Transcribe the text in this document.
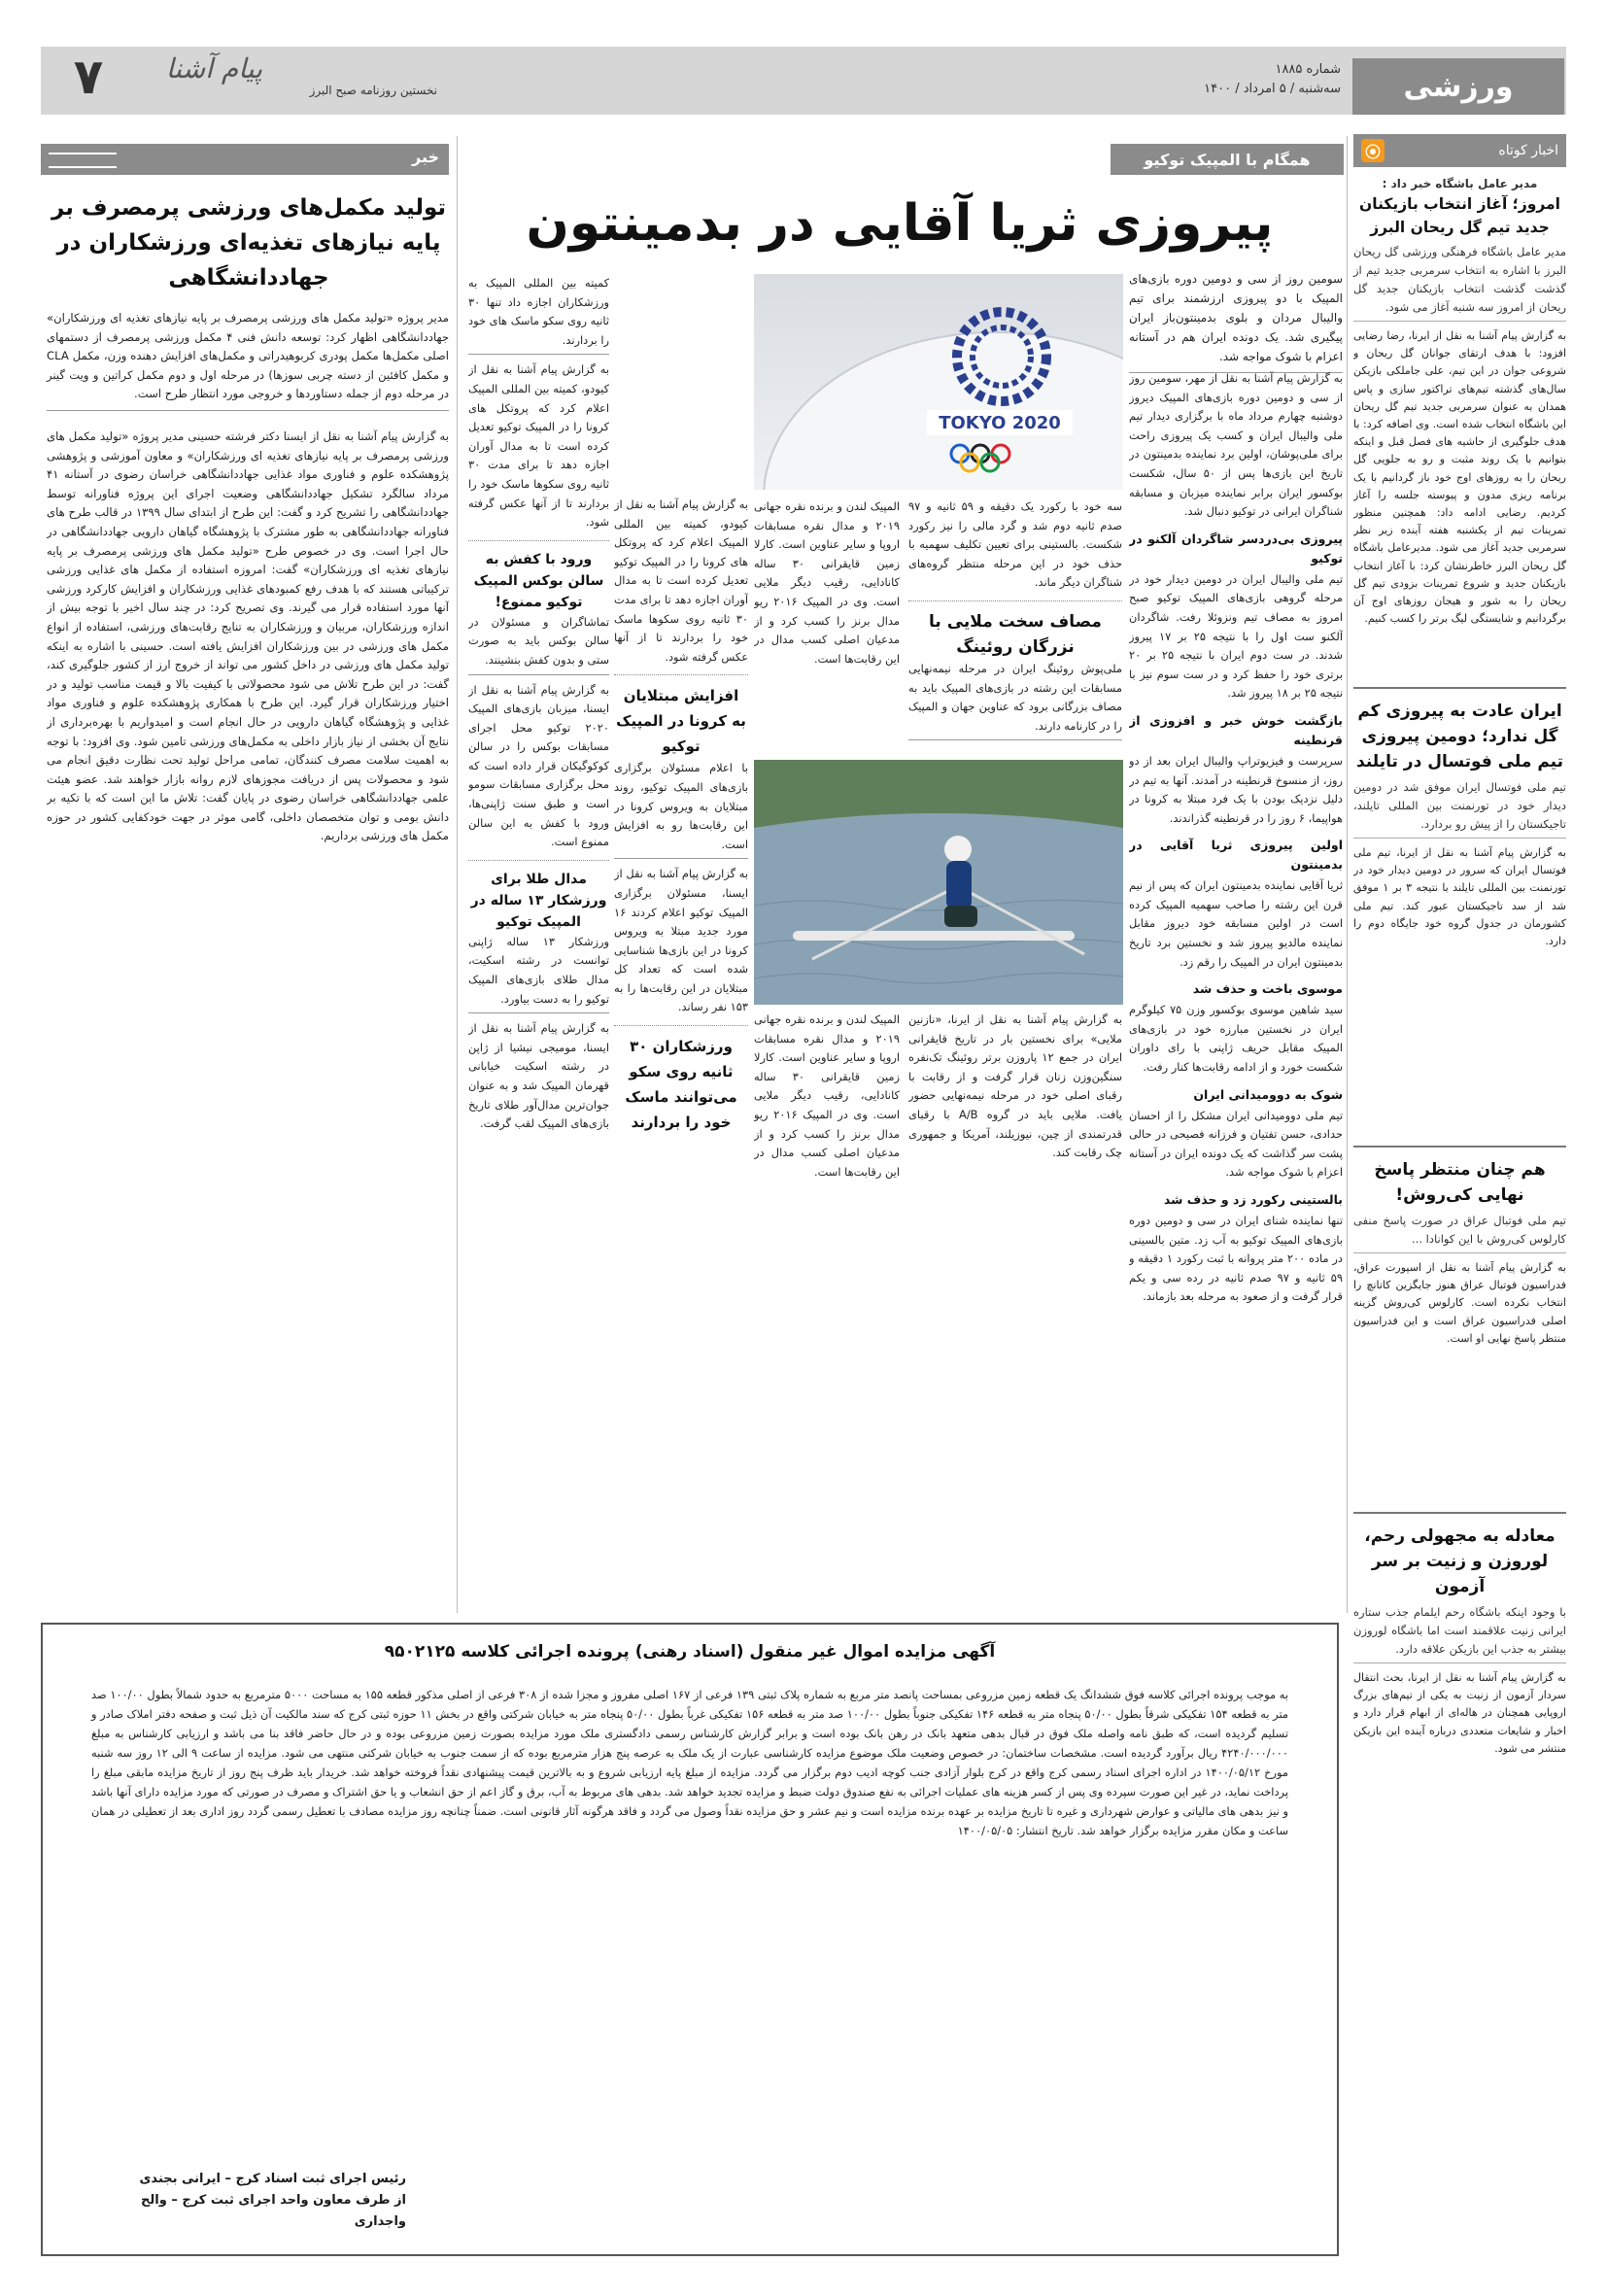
ورزشی
شماره ۱۸۸۵
سه‌شنبه / ۵ امرداد / ۱۴۰۰
۷	پیام آشنا
نخستین روزنامه صبح البرز
اخبار کوتاه
⦿
مدیر عامل باشگاه خبر داد :
امروز؛ آغاز انتخاب بازیکنان جدید تیم گل ریحان البرز
مدیر عامل باشگاه فرهنگی ورزشی گل ریحان البرز با اشاره به انتخاب سرمربی جدید تیم از گذشت گذشت انتخاب بازیکنان جدید گل ریحان از امروز سه شنبه آغاز می شود.
به گزارش پیام آشنا به نقل از ایرنا، رضا رضایی افزود: با هدف ارتقای جوانان گل ریحان و شروعی جوان در این تیم، علی جاملکی بازیکن سال‌های گذشته تیم‌های تراکتور سازی و پاس همدان به عنوان سرمربی جدید تیم گل ریحان این باشگاه انتخاب شده است. وی اضافه کرد: با هدف جلوگیری از حاشیه های فصل قبل و اینکه بتوانیم با یک روند مثبت و رو به جلویی گل ریحان را به روزهای اوج خود باز گردانیم با یک برنامه ریزی مدون و پیوسته جلسه را آغاز کردیم. رضایی ادامه داد: همچنین منظور تمرینات تیم از یکشنبه هفته آینده زیر نظر سرمربی جدید آغاز می شود. مدیرعامل باشگاه گل ریحان البرز خاطرنشان کرد: با آغاز انتخاب بازیکنان جدید و شروع تمرینات بزودی تیم گل ریحان را به شور و هیجان روزهای اوج آن برگردانیم و شایستگی لیگ برتر را کسب کنیم.
ایران عادت به پیروزی کم گل ندارد؛ دومین پیروزی تیم ملی فوتسال در تایلند
تیم ملی فوتسال ایران موفق شد در دومین دیدار خود در تورنمنت بین المللی تایلند، تاجیکستان را از پیش رو بردارد.
به گزارش پیام آشنا به نقل از ایرنا، تیم ملی فوتسال ایران که سرور در دومین دیدار خود در تورنمنت بین المللی تایلند با نتیجه ۳ بر ۱ موفق شد از سد تاجیکستان عبور کند. تیم ملی کشورمان در جدول گروه خود جایگاه دوم را دارد.
هم چنان منتظر پاسخ نهایی کی‌روش!
تیم ملی فوتبال عراق در صورت پاسخ منفی کارلوس کی‌روش با این کوانادا ...
به گزارش پیام آشنا به نقل از اسپورت عراق، فدراسیون فوتبال عراق هنوز جایگزین کاتانچ را انتخاب نکرده است. کارلوس کی‌روش گزینه اصلی فدراسیون عراق است و این فدراسیون منتظر پاسخ نهایی او است.
معادله به مجهولی رحم، لوروزن و زنیت بر سر آزمون
با وجود اینکه باشگاه رحم ایلمام جذب ستاره ایرانی زنیت علاقمند است اما باشگاه لوروزن بیشتر به جذب این بازیکن علاقه دارد.
به گزارش پیام آشنا به نقل از ایرنا، بحث انتقال سردار آزمون از زنیت به یکی از تیم‌های بزرگ اروپایی همچنان در هاله‌ای از ابهام قرار دارد و اخبار و شایعات متعددی درباره آینده این بازیکن منتشر می شود.
همگام با المپیک توکیو
پیروزی ثریا آقایی در بدمینتون
سومین روز از سی و دومین دوره بازی‌های المپیک با دو پیروزی ارزشمند برای تیم والیبال مردان و بلوی بدمینتون‌باز ایران پیگیری شد. یک دونده ایران هم در آستانه اعزام با شوک مواجه شد.
TOKYO 2020

به گزارش پیام آشنا به نقل از مهر، سومین روز از سی و دومین دوره بازی‌های المپیک دیروز دوشنبه چهارم مرداد ماه با برگزاری دیدار تیم ملی والیبال ایران و کسب یک پیروزی راحت برای ملی‌پوشان، اولین برد نماینده بدمینتون در تاریخ این بازی‌ها پس از ۵۰ سال، شکست بوکسور ایران برابر نماینده میزبان و مسابقه شناگران ایرانی در توکیو دنبال شد.

پیروزی بی‌دردسر شاگردان آلکنو در توکیو

تیم ملی والیبال ایران در دومین دیدار خود در مرحله گروهی بازی‌های المپیک توکیو صبح امروز به مصاف تیم ونزوئلا رفت. شاگردان آلکنو ست اول را با نتیجه ۲۵ بر ۱۷ پیروز شدند. در ست دوم ایران با نتیجه ۲۵ بر ۲۰ برتری خود را حفظ کرد و در ست سوم نیز با نتیجه ۲۵ بر ۱۸ پیروز شد.

بازگشت خوش خبر و افزوزی از قرنطینه

سرپرست و فیزیوتراپ والیبال ایران بعد از دو روز، از منسوخ قرنطینه در آمدند. آنها به تیم در دلیل نزدیک بودن با یک فرد مبتلا به کرونا در هواپیما، ۶ روز را در قرنطینه گذراندند.

اولین پیروزی ثریا آقایی در بدمینتون

ثریا آقایی نماینده بدمینتون ایران که پس از نیم قرن این رشته را صاحب سهمیه المپیک کرده است در اولین مسابقه خود دیروز مقابل نماینده مالدیو پیروز شد و نخستین برد تاریخ بدمینتون ایران در المپیک را رقم زد.

موسوی باخت و حذف شد

سید شاهین موسوی بوکسور وزن ۷۵ کیلوگرم ایران در نخستین مبارزه خود در بازی‌های المپیک مقابل حریف ژاپنی با رای داوران شکست خورد و از ادامه رقابت‌ها کنار رفت.

شوک به دوومیدانی ایران

تیم ملی دوومیدانی ایران مشکل را از احسان حدادی، حسن تفتیان و فرزانه فصیحی در حالی پشت سر گذاشت که یک دونده ایران در آستانه اعزام با شوک مواجه شد.

بالستینی رکورد زد و حذف شد

تنها نماینده شنای ایران در سی و دومین دوره بازی‌های المپیک توکیو به آب زد. متین بالسینی در ماده ۲۰۰ متر پروانه با ثبت رکورد ۱ دقیقه و ۵۹ ثانیه و ۹۷ صدم ثانیه در رده سی و یکم قرار گرفت و از صعود به مرحله بعد بازماند.

سه خود با رکورد یک دقیقه و ۵۹ ثانیه و ۹۷ صدم ثانیه دوم شد و گرد مالی را نیز رکورد شکست. بالستینی برای تعیین تکلیف سهمیه با حذف خود در این مرحله منتظر گروه‌های شناگران دیگر ماند.
مصاف سخت ملایی با نزرگان روئینگ
ملی‌پوش روئینگ ایران در مرحله نیمه‌نهایی مسابقات این رشته در بازی‌های المپیک باید به مصاف بزرگانی برود که عناوین جهان و المپیک را در کارنامه دارند.

به گزارش پیام آشنا به نقل از ایرنا، «نازنین ملایی» برای نخستین بار در تاریخ قایقرانی ایران در جمع ۱۲ پاروزن برتر روئینگ تک‌نفره سنگین‌وزن زنان قرار گرفت و از رقابت با رقبای اصلی خود در مرحله نیمه‌نهایی حضور یافت. ملایی باید در گروه A/B با رقبای قدرتمندی از چین، نیوزیلند، آمریکا و جمهوری چک رقابت کند.

المپیک لندن و برنده نقره جهانی ۲۰۱۹ و مدال نقره مسابقات اروپا و سایر عناوین است. کارلا زمین قایقرانی ۳۰ ساله کانادایی، رقیب دیگر ملایی است. وی در المپیک ۲۰۱۶ ریو مدال برنز را کسب کرد و از مدعیان اصلی کسب مدال در این رقابت‌ها است.

المپیک لندن و برنده نقره جهانی ۲۰۱۹ و مدال نقره مسابقات اروپا و سایر عناوین است. کارلا زمین قایقرانی ۳۰ ساله کانادایی، رقیب دیگر ملایی است. وی در المپیک ۲۰۱۶ ریو مدال برنز را کسب کرد و از مدعیان اصلی کسب مدال در این رقابت‌ها است.
به گزارش پیام آشنا به نقل از کیودو، کمیته بین المللی المپیک اعلام کرد که پروتکل های کرونا را در المپیک توکیو تعدیل کرده است تا به مدال آوران اجازه دهد تا برای مدت ۳۰ ثانیه روی سکوها ماسک خود را بردارند تا از آنها عکس گرفته شود.
افزایش مبتلایان به کرونا در المپیک توکیو
با اعلام مسئولان برگزاری بازی‌های المپیک توکیو، روند مبتلایان به ویروس کرونا در این رقابت‌ها رو به افزایش است.
به گزارش پیام آشنا به نقل از ایسنا، مسئولان برگزاری المپیک توکیو اعلام کردند ۱۶ مورد جدید مبتلا به ویروس کرونا در این بازی‌ها شناسایی شده است که تعداد کل مبتلایان در این رقابت‌ها را به ۱۵۳ نفر رساند.
ورزشکاران ۳۰ ثانیه روی سکو می‌توانند ماسک خود را بردارند
کمیته بین المللی المپیک به ورزشکاران اجازه داد تنها ۳۰ ثانیه روی سکو ماسک های خود را بردارند.
به گزارش پیام آشنا به نقل از کیودو، کمیته بین المللی المپیک اعلام کرد که پروتکل های کرونا را در المپیک توکیو تعدیل کرده است تا به مدال آوران اجازه دهد تا برای مدت ۳۰ ثانیه روی سکوها ماسک خود را بردارند تا از آنها عکس گرفته شود.
ورود با کفش به سالن بوکس المپیک توکیو ممنوع!
تماشاگران و مسئولان در سالن بوکس باید به صورت ستی و بدون کفش بنشینند.
به گزارش پیام آشنا به نقل از ایسنا، میزبان بازی‌های المپیک ۲۰۲۰ توکیو محل اجرای مسابقات بوکس را در سالن کوکوگیکان قرار داده است که محل برگزاری مسابقات سومو است و طبق سنت ژاپنی‌ها، ورود با کفش به این سالن ممنوع است.
مدال طلا برای ورزشکار ۱۳ ساله در المپیک توکیو
ورزشکار ۱۳ ساله ژاپنی توانست در رشته اسکیت، مدال طلای بازی‌های المپیک توکیو را به دست بیاورد.
به گزارش پیام آشنا به نقل از ایسنا، مومیجی نیشیا از ژاپن در رشته اسکیت خیابانی قهرمان المپیک شد و به عنوان جوان‌ترین مدال‌آور طلای تاریخ بازی‌های المپیک لقب گرفت.
خبر
تولید مکمل‌های ورزشی پرمصرف بر پایه نیازهای تغذیه‌ای ورزشکاران در جهاددانشگاهی
مدیر پروژه «تولید مکمل های ورزشی پرمصرف بر پایه نیازهای تغذیه ای ورزشکاران» جهاددانشگاهی اظهار کرد: توسعه دانش فنی ۴ مکمل ورزشی پرمصرف از دستمهای اصلی مکمل‌ها مکمل پودری کربوهیدراتی و مکمل‌های افزایش دهنده وزن، مکمل CLA و مکمل کافئین از دسته چربی سوزها) در مرحله اول و دوم مکمل کراتین و ویت گینر در مرحله دوم از جمله دستاوردها و خروجی مورد انتظار طرح است.
به گزارش پیام آشنا به نقل از ایسنا دکتر فرشته حسینی مدیر پروژه «تولید مکمل های ورزشی پرمصرف بر پایه نیازهای تغذیه ای ورزشکاران» و معاون آموزشی و پژوهشی پژوهشکده علوم و فناوری مواد غذایی جهاددانشگاهی خراسان رضوی در آستانه ۴۱ مرداد سالگرد تشکیل جهاددانشگاهی وضعیت اجرای این پروژه فناورانه توسط جهاددانشگاهی را تشریح کرد و گفت: این طرح از ابتدای سال ۱۳۹۹ در قالب طرح های فناورانه جهاددانشگاهی به طور مشترک با پژوهشگاه گیاهان دارویی جهاددانشگاهی در حال اجرا است. وی در خصوص طرح «تولید مکمل های ورزشی پرمصرف بر پایه نیازهای تغذیه ای ورزشکاران» گفت: امروزه استفاده از مکمل های غذایی ورزشی ترکیباتی هستند که با هدف رفع کمبودهای غذایی ورزشکاران و افزایش کارکرد ورزشی آنها مورد استفاده قرار می گیرند. وی تصریح کرد: در چند سال اخیر با توجه بیش از اندازه ورزشکاران، مربیان و ورزشکاران به تنایج رقابت‌های ورزشی، استفاده از انواع مکمل های ورزشی در بین ورزشکاران افزایش یافته است. حسینی با اشاره به اینکه تولید مکمل های ورزشی در داخل کشور می تواند از خروج ارز از کشور جلوگیری کند، گفت: در این طرح تلاش می شود محصولاتی با کیفیت بالا و قیمت مناسب تولید و در اختیار ورزشکاران قرار گیرد. این طرح با همکاری پژوهشکده علوم و فناوری مواد غذایی و پژوهشگاه گیاهان دارویی در حال انجام است و امیدواریم با بهره‌برداری از نتایج آن بخشی از نیاز بازار داخلی به مکمل‌های ورزشی تامین شود. وی افزود: با توجه به اهمیت سلامت مصرف کنندگان، تمامی مراحل تولید تحت نظارت دقیق انجام می شود و محصولات پس از دریافت مجوزهای لازم روانه بازار خواهند شد. عضو هیئت علمی جهاددانشگاهی خراسان رضوی در پایان گفت: تلاش ما این است که با تکیه بر دانش بومی و توان متخصصان داخلی، گامی موثر در جهت خودکفایی کشور در حوزه مکمل های ورزشی برداریم.
آگهی مزایده اموال غیر منقول (اسناد رهنی) پرونده اجرائی کلاسه ۹۵۰۲۱۲۵
به موجب پرونده اجرائی کلاسه فوق ششدانگ یک قطعه زمین مزروعی بمساحت پانصد متر مربع به شماره پلاک ثبتی ۱۳۹ فرعی از ۱۶۷ اصلی مفروز و مجزا شده از ۳۰۸ فرعی از اصلی مذکور قطعه ۱۵۵ به مساحت ۵۰۰۰ مترمربع به حدود شمالاً بطول ۱۰۰/۰۰ صد متر به قطعه ۱۵۴ تفکیکی شرقاً بطول ۵۰/۰۰ پنجاه متر به قطعه ۱۴۶ تفکیکی جنوباً بطول ۱۰۰/۰۰ صد متر به قطعه ۱۵۶ تفکیکی غرباً بطول ۵۰/۰۰ پنجاه متر به خیابان شرکتی واقع در بخش ۱۱ حوزه ثبتی کرج که سند مالکیت آن ذیل ثبت و صفحه دفتر املاک صادر و تسلیم گردیده است، که طبق نامه واصله ملک فوق در قبال بدهی متعهد بانک در رهن بانک بوده است و برابر گزارش کارشناس رسمی دادگستری ملک مورد مزایده بصورت زمین مزروعی بوده و در حال حاضر فاقد بنا می باشد و ارزیابی کارشناس به مبلغ ۴۲۴۰/۰۰۰/۰۰۰ ریال برآورد گردیده است. مشخصات ساختمان: در خصوص وضعیت ملک موضوع مزایده کارشناسی عبارت از یک ملک به عرصه پنج هزار مترمربع بوده که از سمت جنوب به خیابان شرکتی منتهی می شود. مزایده از ساعت ۹ الی ۱۲ روز سه شنبه مورخ ۱۴۰۰/۰۵/۱۲ در اداره اجرای اسناد رسمی کرج واقع در کرج بلوار آزادی جنب کوچه ادیب دوم برگزار می گردد. مزایده از مبلغ پایه ارزیابی شروع و به بالاترین قیمت پیشنهادی نقداً فروخته خواهد شد. خریدار باید ظرف پنج روز از تاریخ مزایده مابقی مبلغ را پرداخت نماید، در غیر این صورت سپرده وی پس از کسر هزینه های عملیات اجرائی به نفع صندوق دولت ضبط و مزایده تجدید خواهد شد. بدهی های مربوط به آب، برق و گاز اعم از حق انشعاب و یا حق اشتراک و مصرف در صورتی که مورد مزایده دارای آنها باشد و نیز بدهی های مالیاتی و عوارض شهرداری و غیره تا تاریخ مزایده بر عهده برنده مزایده است و نیم عشر و حق مزایده نقداً وصول می گردد و فاقد هرگونه آثار قانونی است. ضمناً چنانچه روز مزایده مصادف با تعطیل رسمی گردد روز اداری بعد از تعطیلی در همان ساعت و مکان مقرر مزایده برگزار خواهد شد. تاریخ انتشار: ۱۴۰۰/۰۵/۰۵
رئیس اجرای ثبت اسناد کرج – ایرانی بجندی
از طرف معاون واحد اجرای ثبت کرج – والح واجداری
